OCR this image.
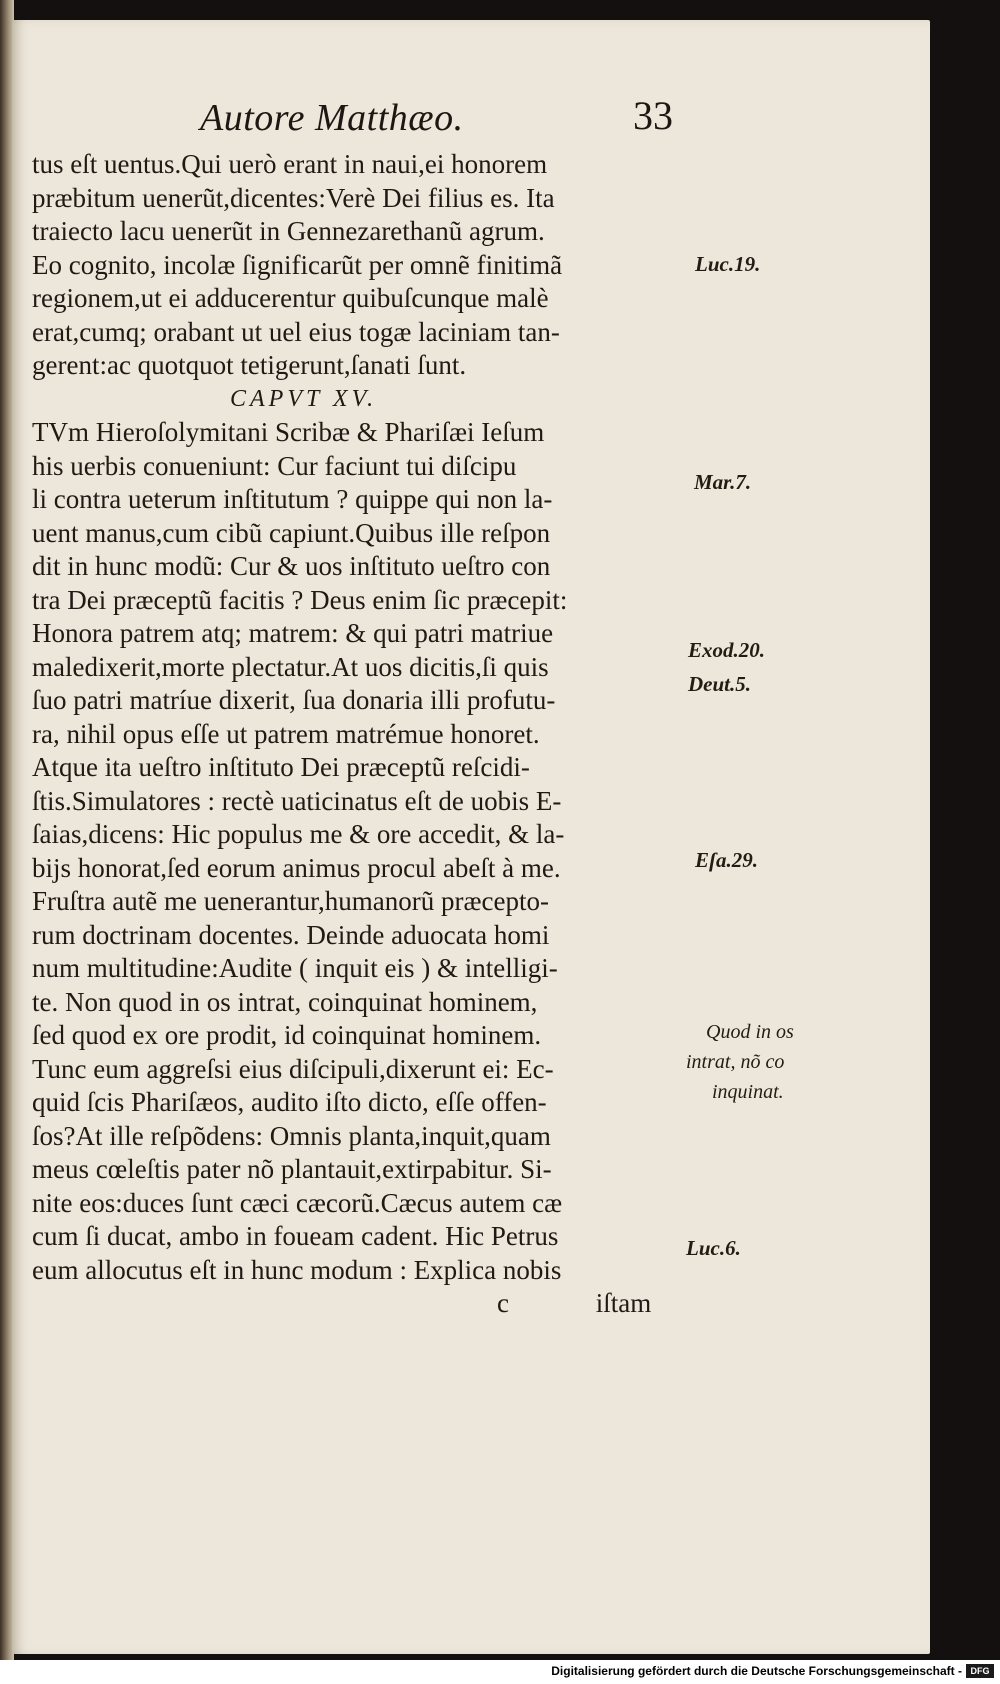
Autore Matthæo.	33
tus eſt uentus.Qui uerò erant in naui,ei honorem
præbitum uenerũt,dicentes:Verè Dei filius es. Ita
traiecto lacu uenerũt in Gennezarethanũ agrum.
Eo cognito, incolæ ſignificarũt per omnẽ finitimã
regionem,ut ei adducerentur quibuſcunque malè
erat,cumq; orabant ut uel eius togæ laciniam tan-
gerent:ac quotquot tetigerunt,ſanati ſunt.
CAPVT XV.
TVm Hieroſolymitani Scribæ & Phariſæi Ieſum
his uerbis conueniunt: Cur faciunt tui diſcipu
li contra ueterum inſtitutum ? quippe qui non la-
uent manus,cum cibũ capiunt.Quibus ille reſpon
dit in hunc modũ: Cur & uos inſtituto ueſtro con
tra Dei præceptũ facitis ? Deus enim ſic præcepit:
Honora patrem atq; matrem: & qui patri matriue
maledixerit,morte plectatur.At uos dicitis,ſi quis
ſuo patri matríue dixerit, ſua donaria illi profutu-
ra, nihil opus eſſe ut patrem matrémue honoret.
Atque ita ueſtro inſtituto Dei præceptũ reſcidi-
ſtis.Simulatores : rectè uaticinatus eſt de uobis E-
ſaias,dicens: Hic populus me & ore accedit, & la-
bijs honorat,ſed eorum animus procul abeſt à me.
Fruſtra autẽ me uenerantur,humanorũ præcepto-
rum doctrinam docentes. Deinde aduocata homi
num multitudine:Audite ( inquit eis ) & intelligi-
te. Non quod in os intrat, coinquinat hominem,
ſed quod ex ore prodit, id coinquinat hominem.
Tunc eum aggreſsi eius diſcipuli,dixerunt ei: Ec-
quid ſcis Phariſæos, audito iſto dicto, eſſe offen-
ſos?At ille reſpõdens: Omnis planta,inquit,quam
meus cœleſtis pater nõ plantauit,extirpabitur. Si-
nite eos:duces ſunt cæci cæcorũ.Cæcus autem cæ
cum ſi ducat, ambo in foueam cadent. Hic Petrus
eum allocutus eſt in hunc modum : Explica nobis
c	iſtam
Luc.19.
Mar.7.
Exod.20.
Deut.5.
Eſa.29.
Quod in os
intrat, nõ co
inquinat.
Luc.6.
Digitalisierung gefördert durch die Deutsche Forschungsgemeinschaft - DFG
